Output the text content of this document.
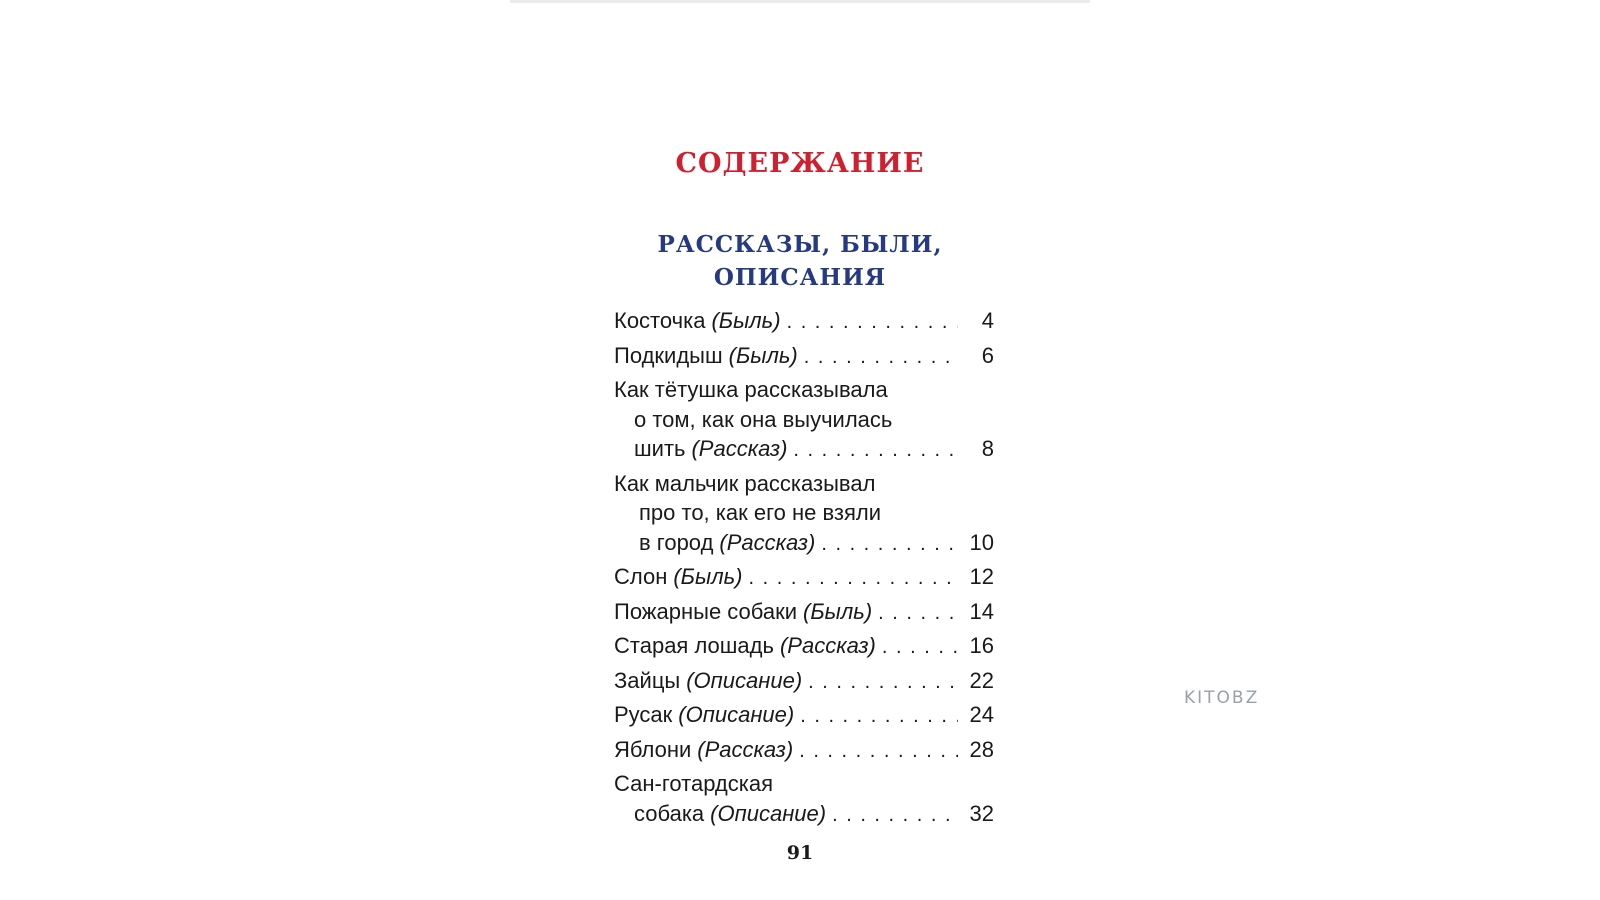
СОДЕРЖАНИЕ
РАССКАЗЫ, БЫЛИ,
ОПИСАНИЯ
Косточка (Быль) . . .	4
Подкидыш (Быль) . . .	6
Как тётушка рассказывала
о том, как она выучилась
шить (Рассказ) . . .	8
Как мальчик рассказывал
про то, как его не взяли
в город (Рассказ) . . .	10
Слон (Быль) . . .	12
Пожарные собаки (Быль) . . .	14
Старая лошадь (Рассказ) . . .	16
Зайцы (Описание) . . .	22
Русак (Описание) . . .	24
Яблони (Рассказ) . . .	28
Сан-готардская
собака (Описание) . . .	32
91
KITOBZ
